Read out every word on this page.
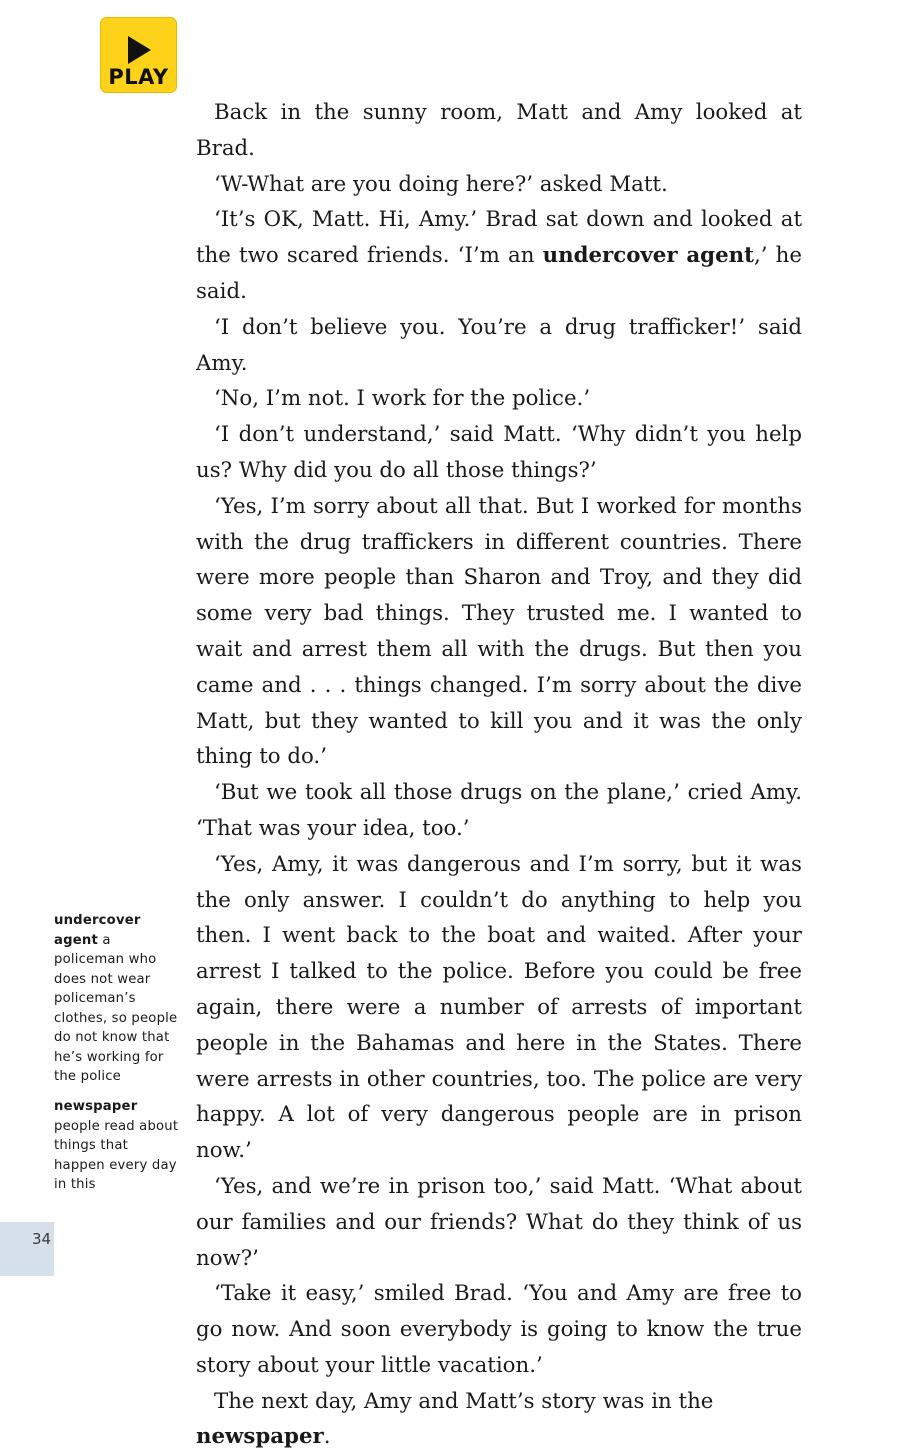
PLAY

Back in the sunny room, Matt and Amy looked at Brad.

‘W-What are you doing here?’ asked Matt.

‘It’s OK, Matt. Hi, Amy.’ Brad sat down and looked at the two scared friends. ‘I’m an undercover agent,’ he said.

‘I don’t believe you. You’re a drug trafficker!’ said Amy.

‘No, I’m not. I work for the police.’

‘I don’t understand,’ said Matt. ‘Why didn’t you help us? Why did you do all those things?’

‘Yes, I’m sorry about all that. But I worked for months with the drug traffickers in different countries. There were more people than Sharon and Troy, and they did some very bad things. They trusted me. I wanted to wait and arrest them all with the drugs. But then you came and . . . things changed. I’m sorry about the dive Matt, but they wanted to kill you and it was the only thing to do.’

‘But we took all those drugs on the plane,’ cried Amy. ‘That was your idea, too.’

‘Yes, Amy, it was dangerous and I’m sorry, but it was the only answer. I couldn’t do anything to help you then. I went back to the boat and waited. After your arrest I talked to the police. Before you could be free again, there were a number of arrests of important people in the Bahamas and here in the States. There were arrests in other countries, too. The police are very happy. A lot of very dangerous people are in prison now.’

‘Yes, and we’re in prison too,’ said Matt. ‘What about our families and our friends? What do they think of us now?’

‘Take it easy,’ smiled Brad. ‘You and Amy are free to go now. And soon everybody is going to know the true story about your little vacation.’

The next day, Amy and Matt’s story was in the newspaper.

undercover agent a policeman who does not wear policeman’s clothes, so people do not know that he’s working for the police
newspaper
people read about things that happen every day in this
34
